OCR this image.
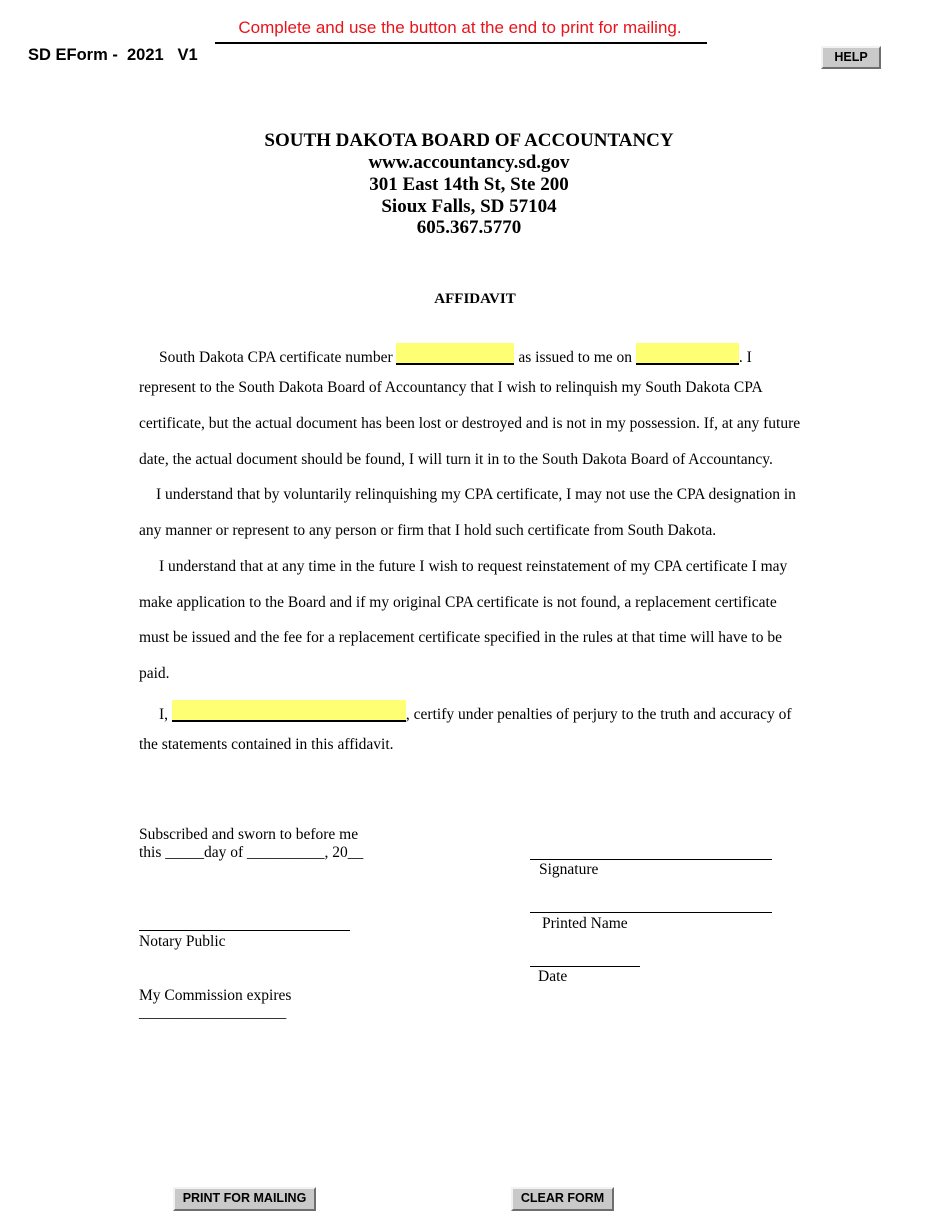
Complete and use the button at the end to print for mailing.
SD EForm -  2021   V1	HELP
SOUTH DAKOTA BOARD OF ACCOUNTANCY
www.accountancy.sd.gov
301 East 14th St, Ste 200
Sioux Falls, SD 57104
605.367.5770
AFFIDAVIT
South Dakota CPA certificate number	as issued to me on	. I
represent to the South Dakota Board of Accountancy that I wish to relinquish my South Dakota CPA
certificate, but the actual document has been lost or destroyed and is not in my possession. If, at any future
date, the actual document should be found, I will turn it in to the South Dakota Board of Accountancy.
I understand that by voluntarily relinquishing my CPA certificate, I may not use the CPA designation in
any manner or represent to any person or firm that I hold such certificate from South Dakota.
I understand that at any time in the future I wish to request reinstatement of my CPA certificate I may
make application to the Board and if my original CPA certificate is not found, a replacement certificate
must be issued and the fee for a replacement certificate specified in the rules at that time will have to be
paid.
I,	, certify under penalties of perjury to the truth and accuracy of
the statements contained in this affidavit.
Subscribed and sworn to before me
this _____day of __________, 20__
Notary Public
My Commission expires
___________________
Signature
Printed Name
Date
PRINT FOR MAILING	CLEAR FORM
